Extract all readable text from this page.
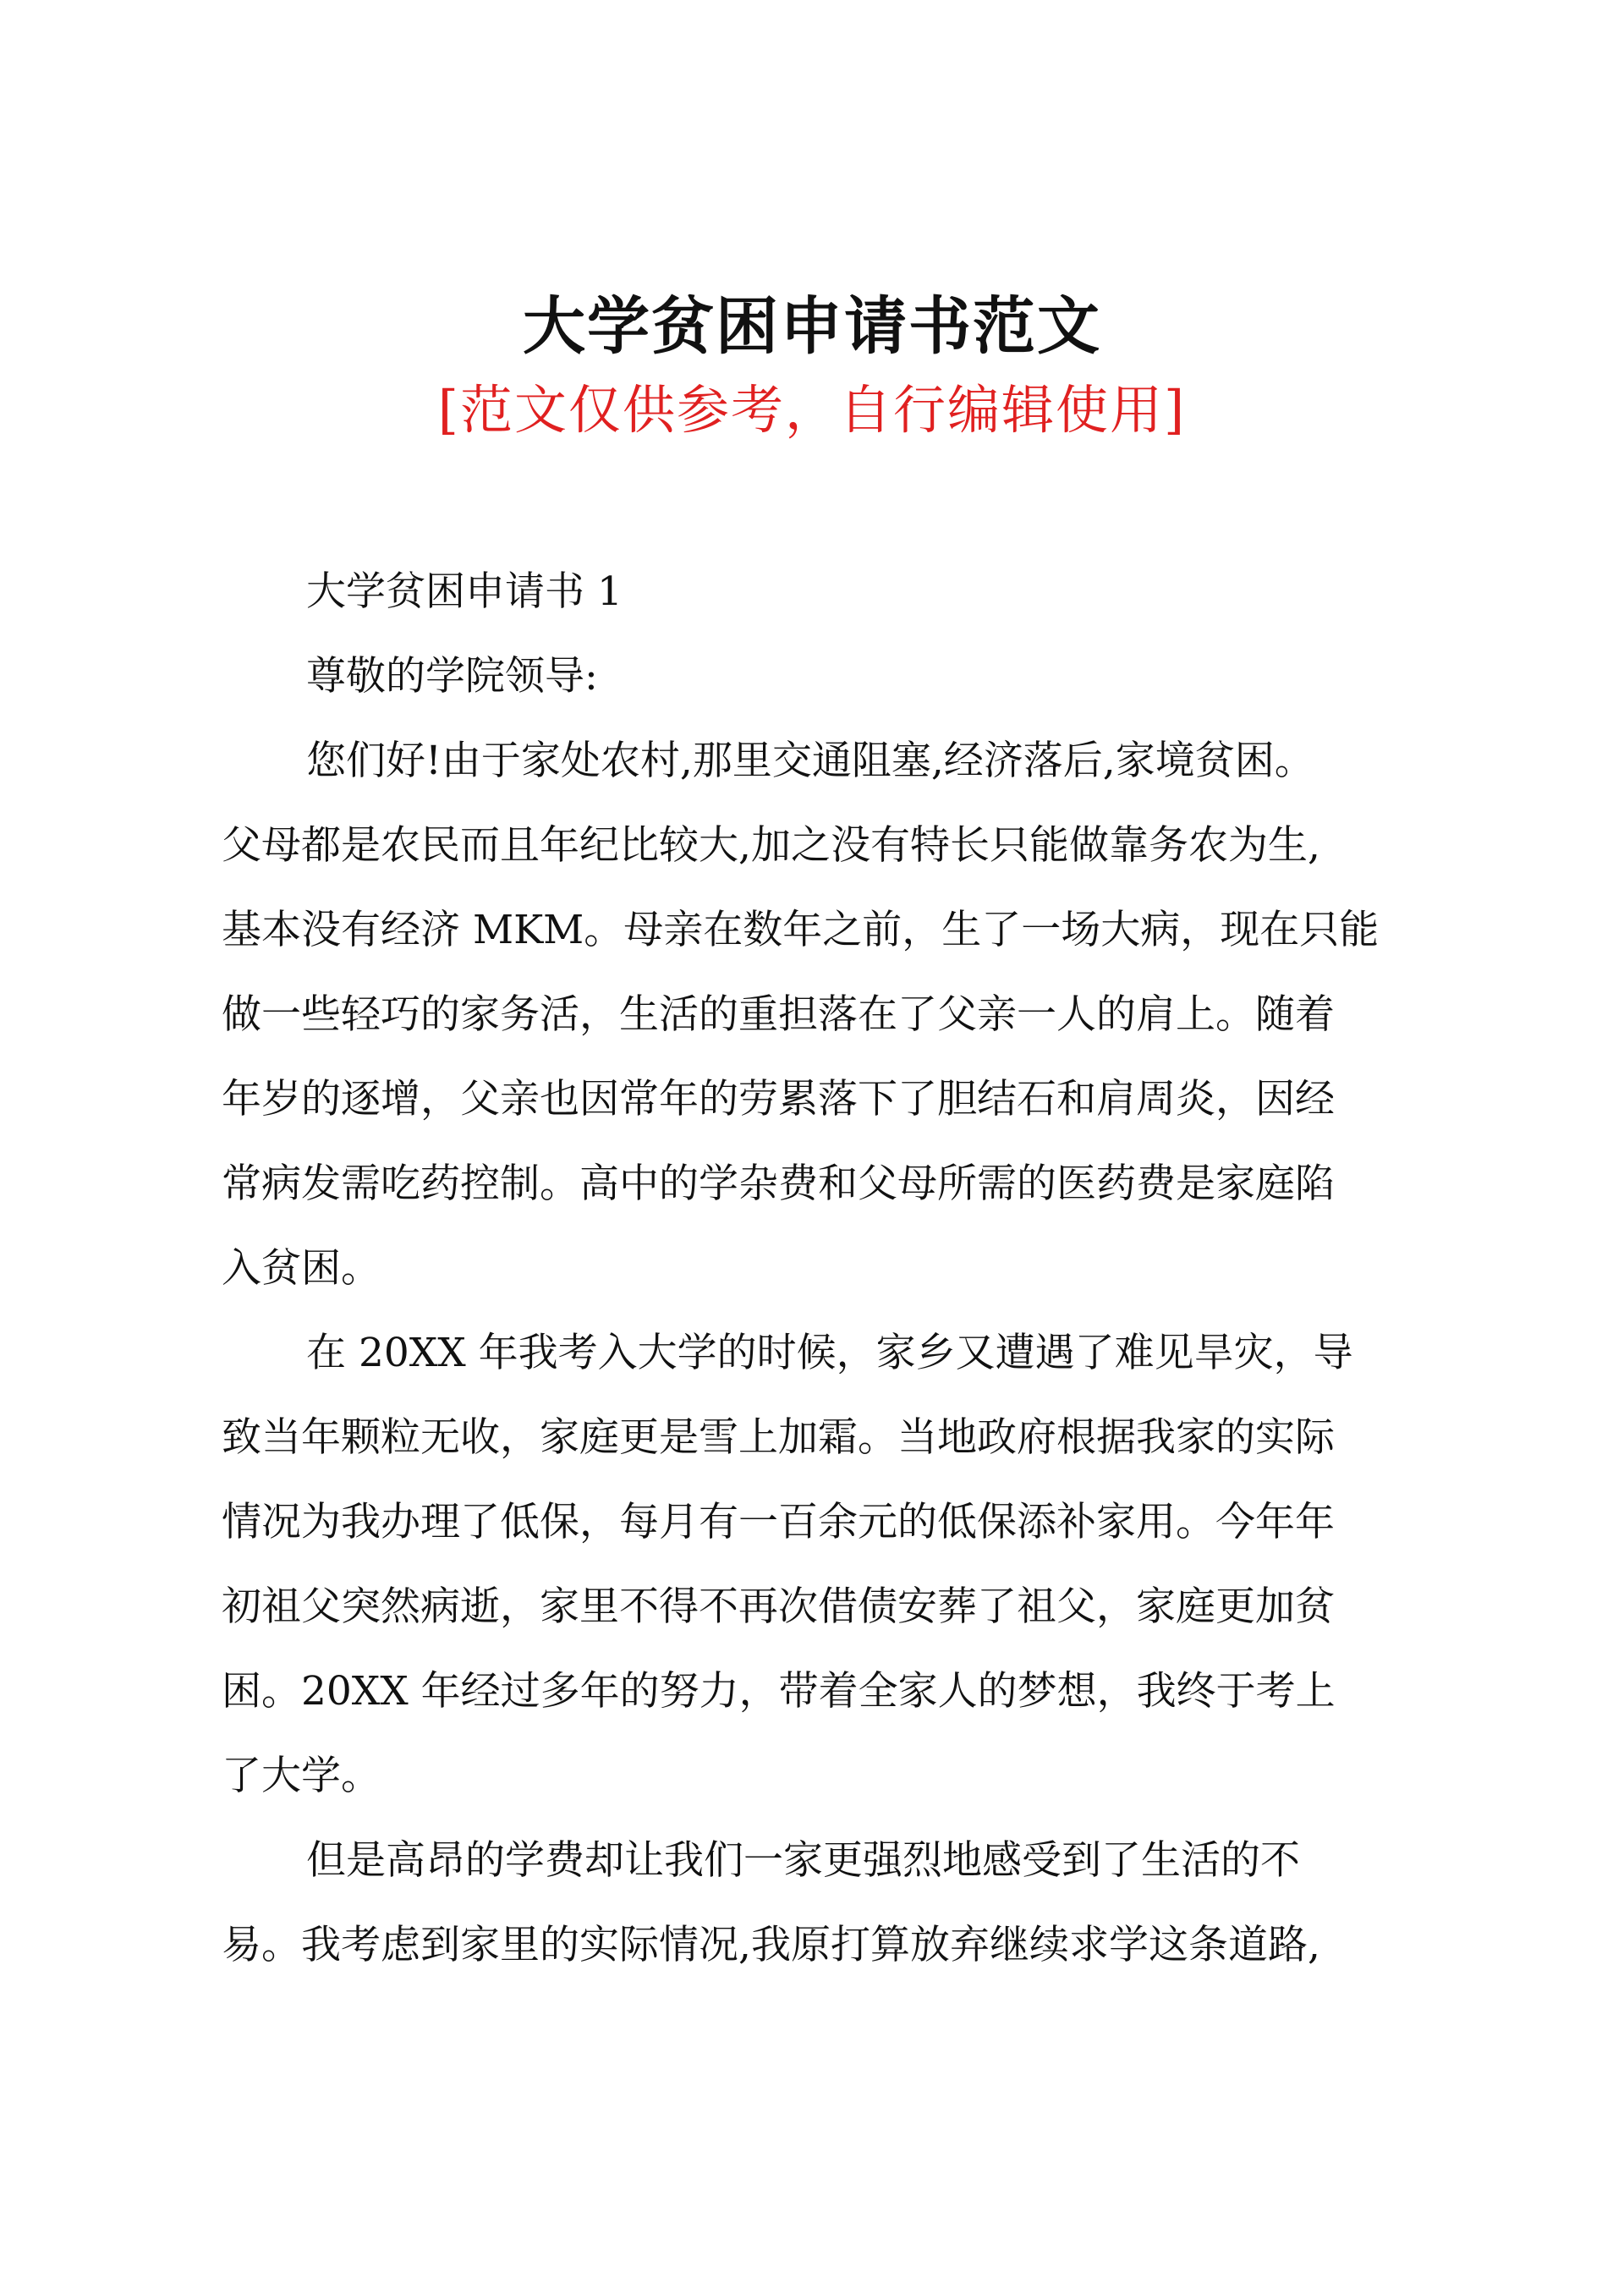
大学贫困申请书范文
[范文仅供参考，自行编辑使用]
大学贫困申请书 1
尊敬的学院领导:
您们好!由于家处农村,那里交通阻塞,经济落后,家境贫困。
父母都是农民而且年纪比较大,加之没有特长只能做靠务农为生,
基本没有经济 MKM。母亲在数年之前，生了一场大病，现在只能
做一些轻巧的家务活，生活的重担落在了父亲一人的肩上。随着
年岁的逐增，父亲也因常年的劳累落下了胆结石和肩周炎，因经
常病发需吃药控制。高中的学杂费和父母所需的医药费是家庭陷
入贫困。
在 20XX 年我考入大学的时候，家乡又遭遇了难见旱灾，导
致当年颗粒无收，家庭更是雪上加霜。当地政府根据我家的实际
情况为我办理了低保，每月有一百余元的低保添补家用。今年年
初祖父突然病逝，家里不得不再次借债安葬了祖父，家庭更加贫
困。20XX 年经过多年的努力，带着全家人的梦想，我终于考上
了大学。
但是高昂的学费却让我们一家更强烈地感受到了生活的不
易。我考虑到家里的实际情况,我原打算放弃继续求学这条道路,
